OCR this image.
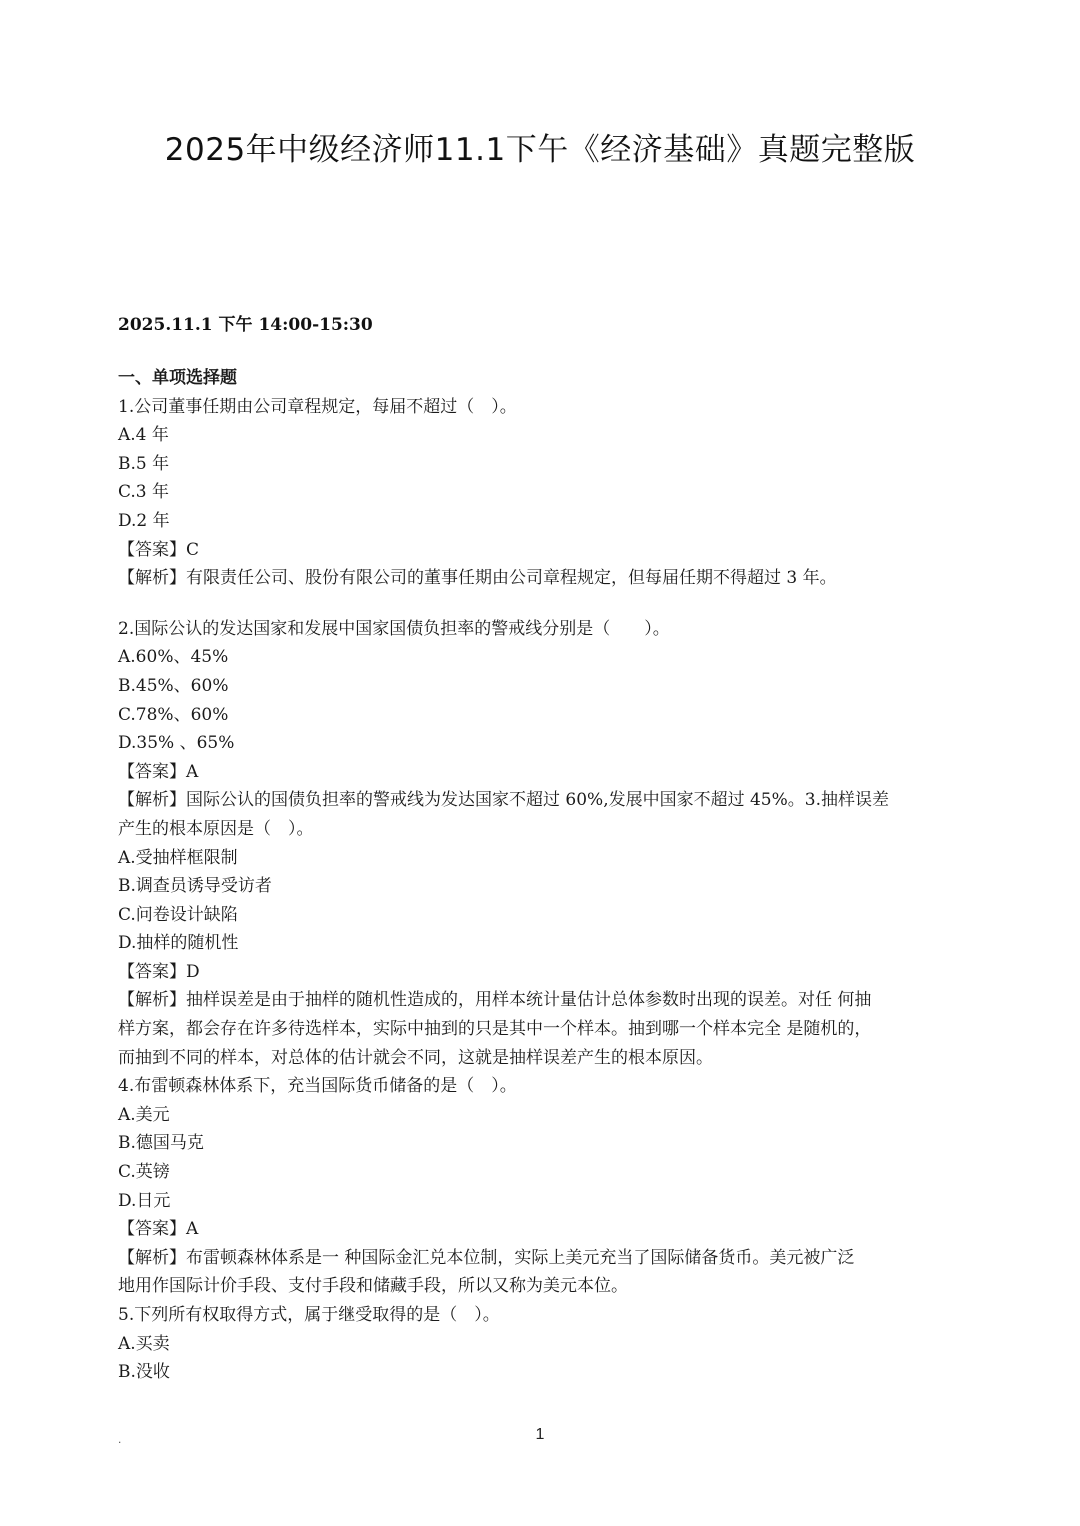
2025年中级经济师11.1下午《经济基础》真题完整版
2025.11.1 下午 14:00-15:30
一、单项选择题
1.公司董事任期由公司章程规定，每届不超过（　）。
A.4 年
B.5 年
C.3 年
D.2 年
【答案】C
【解析】有限责任公司、股份有限公司的董事任期由公司章程规定，但每届任期不得超过 3 年。
2.国际公认的发达国家和发展中国家国债负担率的警戒线分别是（　　）。
A.60%、45%
B.45%、60%
C.78%、60%
D.35% 、65%
【答案】A
【解析】国际公认的国债负担率的警戒线为发达国家不超过 60%,发展中国家不超过 45%。3.抽样误差
产生的根本原因是（　）。
A.受抽样框限制
B.调查员诱导受访者
C.问卷设计缺陷
D.抽样的随机性
【答案】D
【解析】抽样误差是由于抽样的随机性造成的，用样本统计量估计总体参数时出现的误差。对任 何抽
样方案，都会存在许多待选样本，实际中抽到的只是其中一个样本。抽到哪一个样本完全 是随机的，
而抽到不同的样本，对总体的估计就会不同，这就是抽样误差产生的根本原因。
4.布雷顿森林体系下，充当国际货币储备的是（　）。
A.美元
B.德国马克
C.英镑
D.日元
【答案】A
【解析】布雷顿森林体系是一 种国际金汇兑本位制，实际上美元充当了国际储备货币。美元被广泛
地用作国际计价手段、支付手段和储藏手段，所以又称为美元本位。
5.下列所有权取得方式，属于继受取得的是（　）。
A.买卖
B.没收
.	1
